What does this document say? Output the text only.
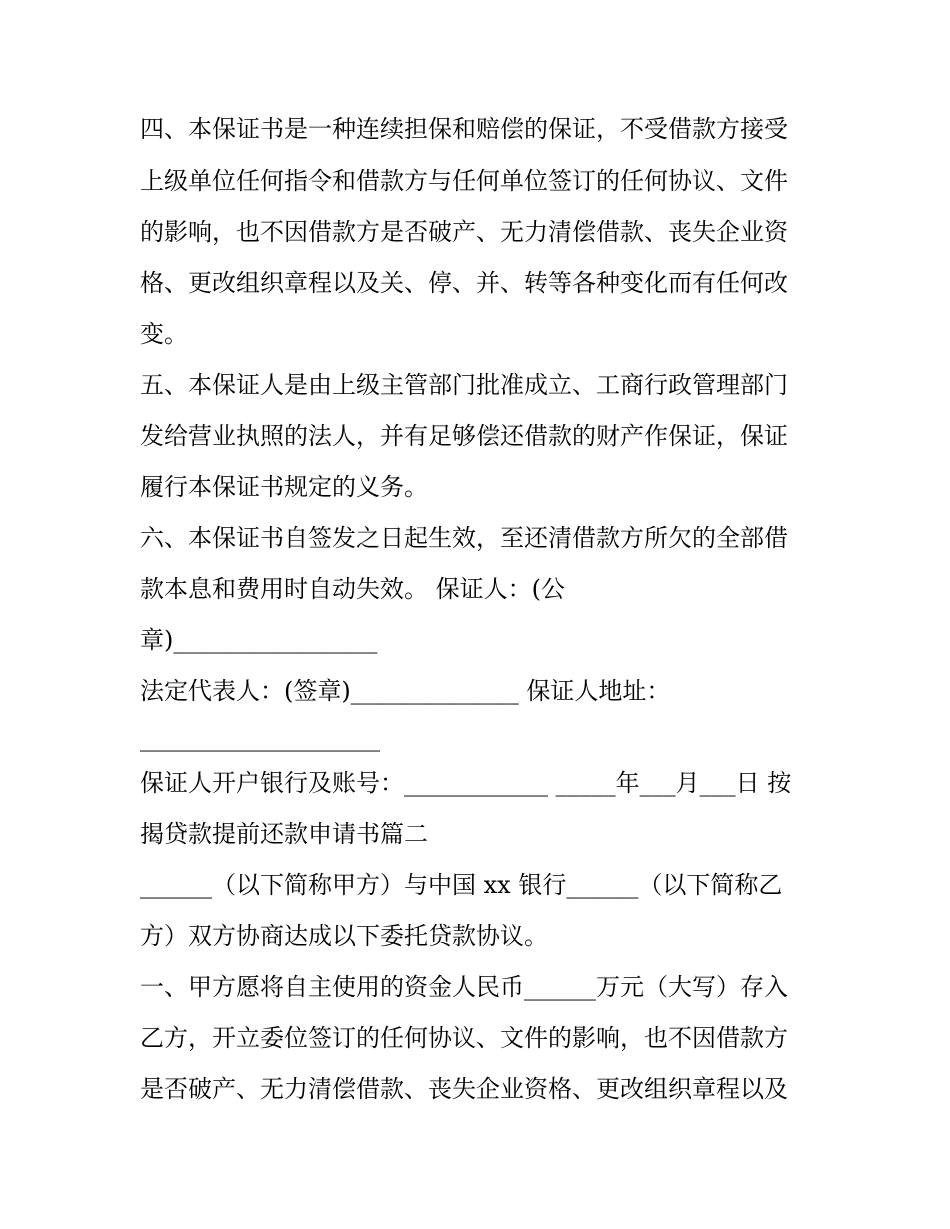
四、本保证书是一种连续担保和赔偿的保证，不受借款方接受
上级单位任何指令和借款方与任何单位签订的任何协议、文件
的影响，也不因借款方是否破产、无力清偿借款、丧失企业资
格、更改组织章程以及关、停、并、转等各种变化而有任何改
变。
五、本保证人是由上级主管部门批准成立、工商行政管理部门
发给营业执照的法人，并有足够偿还借款的财产作保证，保证
履行本保证书规定的义务。
六、本保证书自签发之日起生效，至还清借款方所欠的全部借
款本息和费用时自动失效。 保证人：(公
章)_________________
法定代表人：(签章)______________ 保证人地址：
____________________
保证人开户银行及账号：____________ _____年___月___日 按
揭贷款提前还款申请书篇二
______（以下简称甲方）与中国 xx 银行______（以下简称乙
方）双方协商达成以下委托贷款协议。
一、甲方愿将自主使用的资金人民币______万元（大写）存入
乙方，开立委位签订的任何协议、文件的影响，也不因借款方
是否破产、无力清偿借款、丧失企业资格、更改组织章程以及
